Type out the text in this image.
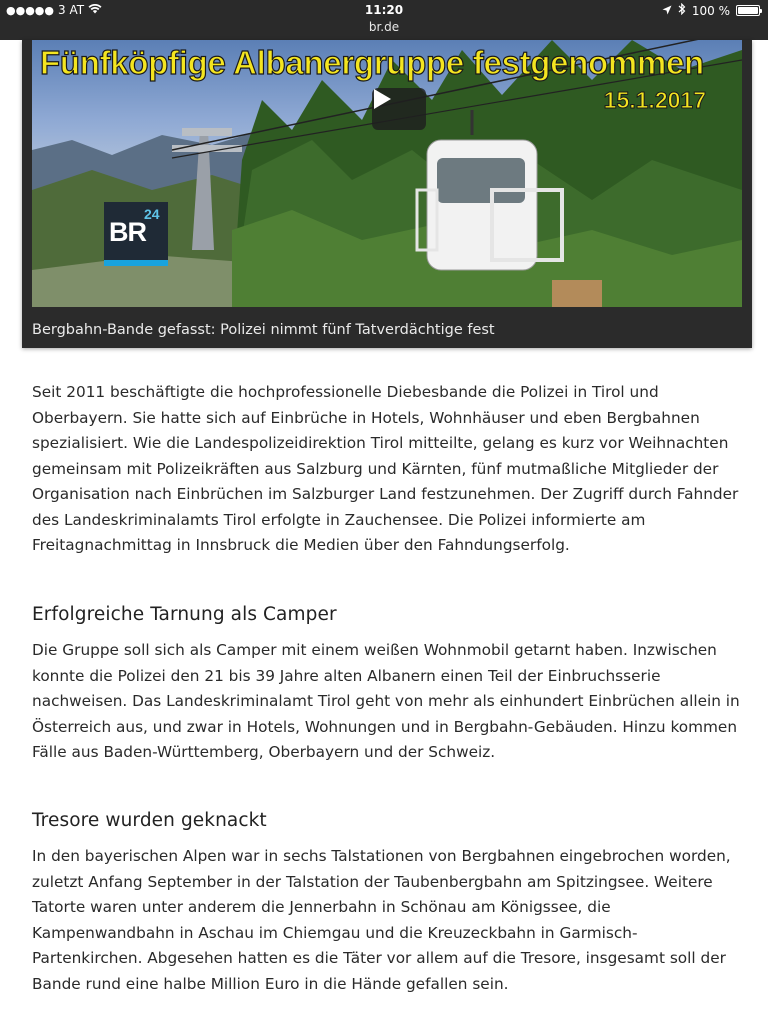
●●●●● 3 AT	11:20
br.de
100 %
Fünfköpfige Albanergruppe festgenommen
15.1.2017
BR
24
Bergbahn-Bande gefasst: Polizei nimmt fünf Tatverdächtige fest

Seit 2011 beschäftigte die hochprofessionelle Diebesbande die Polizei in Tirol und Oberbayern. Sie hatte sich auf Einbrüche in Hotels, Wohnhäuser und eben Bergbahnen spezialisiert. Wie die Landespolizeidirektion Tirol mitteilte, gelang es kurz vor Weihnachten gemeinsam mit Polizeikräften aus Salzburg und Kärnten, fünf mutmaßliche Mitglieder der Organisation nach Einbrüchen im Salzburger Land festzunehmen. Der Zugriff durch Fahnder des Landeskriminalamts Tirol erfolgte in Zauchensee. Die Polizei informierte am Freitagnachmittag in Innsbruck die Medien über den Fahndungserfolg.

Erfolgreiche Tarnung als Camper

Die Gruppe soll sich als Camper mit einem weißen Wohnmobil getarnt haben. Inzwischen konnte die Polizei den 21 bis 39 Jahre alten Albanern einen Teil der Einbruchsserie nachweisen. Das Landeskriminalamt Tirol geht von mehr als einhundert Einbrüchen allein in Österreich aus, und zwar in Hotels, Wohnungen und in Bergbahn-Gebäuden. Hinzu kommen Fälle aus Baden-Württemberg, Oberbayern und der Schweiz.

Tresore wurden geknackt

In den bayerischen Alpen war in sechs Talstationen von Bergbahnen eingebrochen worden, zuletzt Anfang September in der Talstation der Taubenbergbahn am Spitzingsee. Weitere Tatorte waren unter anderem die Jennerbahn in Schönau am Königssee, die Kampenwandbahn in Aschau im Chiemgau und die Kreuzeckbahn in Garmisch-Partenkirchen. Abgesehen hatten es die Täter vor allem auf die Tresore, insgesamt soll der Bande rund eine halbe Million Euro in die Hände gefallen sein.
